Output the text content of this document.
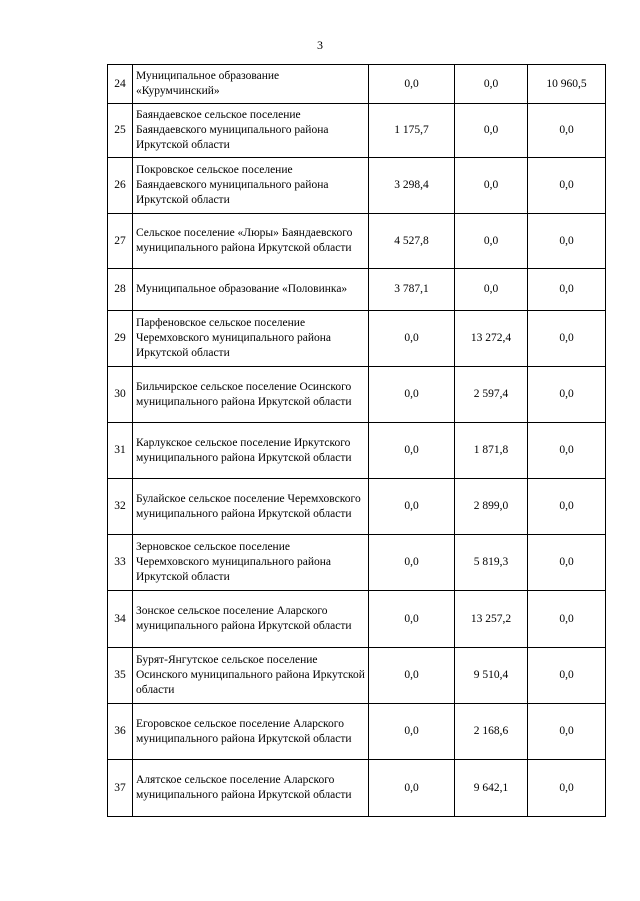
3
24	Муниципальное образование «Курумчинский»	0,0	0,0	10 960,5
25	Баяндаевское сельское поселение Баяндаевского муниципального района Иркутской области	1 175,7	0,0	0,0
26	Покровское сельское поселение Баяндаевского муниципального района Иркутской области	3 298,4	0,0	0,0
27	Сельское поселение «Люры» Баяндаевского муниципального района Иркутской области	4 527,8	0,0	0,0
28	Муниципальное образование «Половинка»	3 787,1	0,0	0,0
29	Парфеновское сельское поселение Черемховского муниципального района Иркутской области	0,0	13 272,4	0,0
30	Бильчирское сельское поселение Осинского муниципального района Иркутской области	0,0	2 597,4	0,0
31	Карлукское сельское поселение Иркутского муниципального района Иркутской области	0,0	1 871,8	0,0
32	Булайское сельское поселение Черемховского муниципального района Иркутской области	0,0	2 899,0	0,0
33	Зерновское сельское поселение Черемховского муниципального района Иркутской области	0,0	5 819,3	0,0
34	Зонское сельское поселение Аларского муниципального района Иркутской области	0,0	13 257,2	0,0
35	Бурят-Янгутское сельское поселение Осинского муниципального района Иркутской области	0,0	9 510,4	0,0
36	Егоровское сельское поселение Аларского муниципального района Иркутской области	0,0	2 168,6	0,0
37	Алятское сельское поселение Аларского муниципального района Иркутской области	0,0	9 642,1	0,0
